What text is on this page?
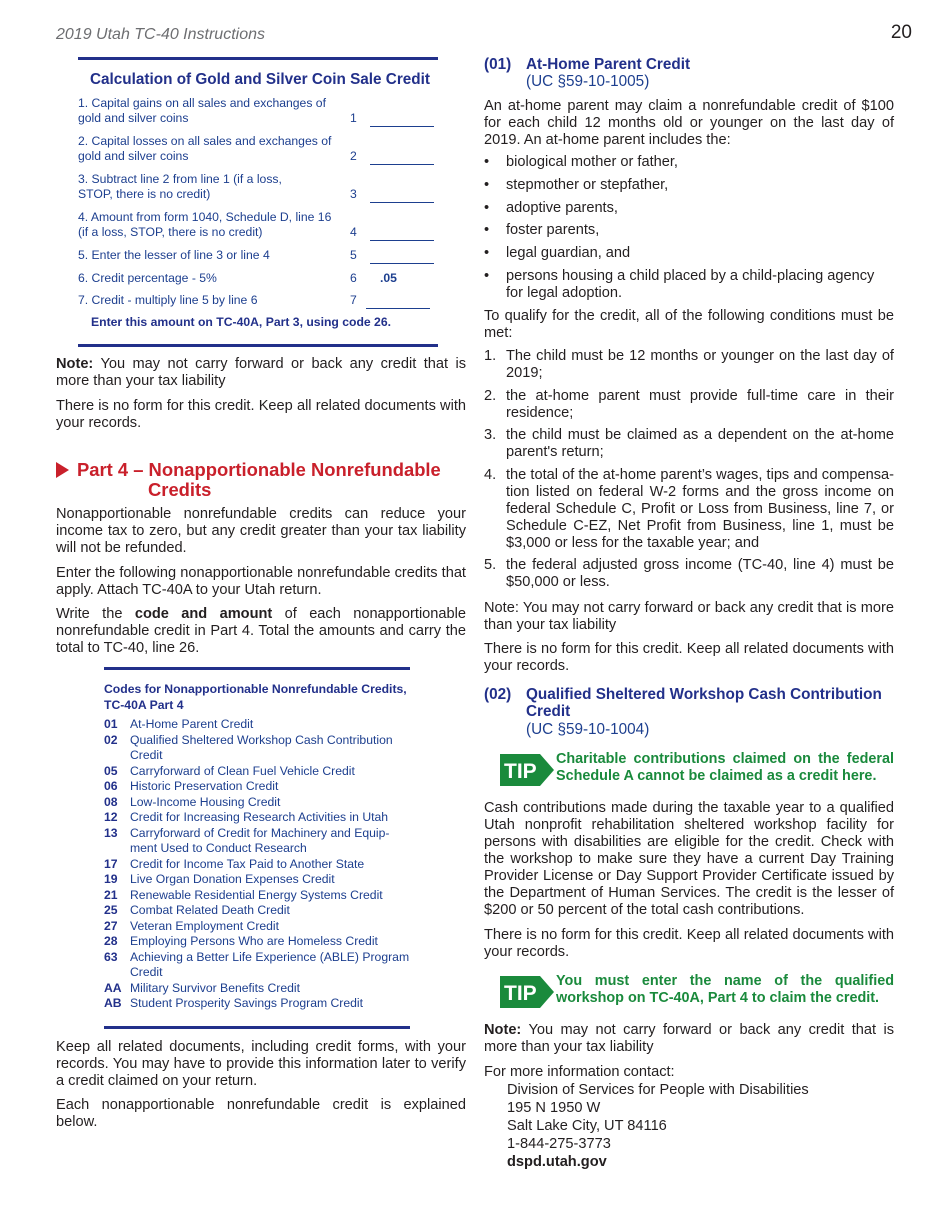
2019 Utah TC-40 Instructions	20
Calculation of Gold and Silver Coin Sale Credit
1. Capital gains on all sales and exchanges of gold and silver coins	1
2. Capital losses on all sales and exchanges of gold and silver coins	2
3. Subtract line 2 from line 1 (if a loss, STOP, there is no credit)	3
4. Amount from form 1040, Schedule D, line 16 (if a loss, STOP, there is no credit)	4
5. Enter the lesser of line 3 or line 4	5
6. Credit percentage - 5%	6 .05
7. Credit - multiply line 5 by line 6	7
Enter this amount on TC-40A, Part 3, using code 26.

Note: You may not carry forward or back any credit that is more than your tax liability

There is no form for this credit. Keep all related documents with your records.

Part 4 – Nonapportionable Nonrefundable
Credits

Nonapportionable nonrefundable credits can reduce your income tax to zero, but any credit greater than your tax liability will not be refunded.

Enter the following nonapportionable nonrefundable credits that apply. Attach TC-40A to your Utah return.

Write the code and amount of each nonapportionable nonrefundable credit in Part 4. Total the amounts and carry the total to TC-40, line 26.

Codes for Nonapportionable Nonrefundable Credits, TC-40A Part 4
01 At-Home Parent Credit
02 Qualified Sheltered Workshop Cash Contribution Credit
05 Carryforward of Clean Fuel Vehicle Credit
06 Historic Preservation Credit
08 Low-Income Housing Credit
12 Credit for Increasing Research Activities in Utah
13 Carryforward of Credit for Machinery and Equip-ment Used to Conduct Research
17 Credit for Income Tax Paid to Another State
19 Live Organ Donation Expenses Credit
21 Renewable Residential Energy Systems Credit
25 Combat Related Death Credit
27 Veteran Employment Credit
28 Employing Persons Who are Homeless Credit
63 Achieving a Better Life Experience (ABLE) Program Credit
AA Military Survivor Benefits Credit
AB Student Prosperity Savings Program Credit

Keep all related documents, including credit forms, with your records. You may have to provide this information later to verify a credit claimed on your return.

Each nonapportionable nonrefundable credit is explained below.

(01) At-Home Parent Credit
(UC §59-10-1005)

An at-home parent may claim a nonrefundable credit of $100 for each child 12 months old or younger on the last day of 2019. An at-home parent includes the:

• biological mother or father,
• stepmother or stepfather,
• adoptive parents,
• foster parents,
• legal guardian, and
• persons housing a child placed by a child-placing agency for legal adoption.

To qualify for the credit, all of the following conditions must be met:

1. The child must be 12 months or younger on the last day of 2019;
2. the at-home parent must provide full-time care in their residence;
3. the child must be claimed as a dependent on the at-home parent's return;
4. the total of the at-home parent’s wages, tips and compensa-tion listed on federal W-2 forms and the gross income on federal Schedule C, Profit or Loss from Business, line 7, or Schedule C-EZ, Net Profit from Business, line 1, must be $3,000 or less for the taxable year; and
5. the federal adjusted gross income (TC-40, line 4) must be $50,000 or less.

Note: You may not carry forward or back any credit that is more than your tax liability

There is no form for this credit. Keep all related documents with your records.

(02) Qualified Sheltered Workshop Cash Contribution Credit
(UC §59-10-1004)
TIP
Charitable contributions claimed on the federal Schedule A cannot be claimed as a credit here.

Cash contributions made during the taxable year to a qualified Utah nonprofit rehabilitation sheltered workshop facility for persons with disabilities are eligible for the credit. Check with the workshop to make sure they have a current Day Training Provider License or Day Support Provider Certificate issued by the Department of Human Services. The credit is the lesser of $200 or 50 percent of the total cash contributions.

There is no form for this credit. Keep all related documents with your records.

TIP
You must enter the name of the qualified workshop on TC-40A, Part 4 to claim the credit.

Note: You may not carry forward or back any credit that is more than your tax liability

For more information contact:
Division of Services for People with Disabilities
195 N 1950 W
Salt Lake City, UT 84116
1-844-275-3773
dspd.utah.gov
